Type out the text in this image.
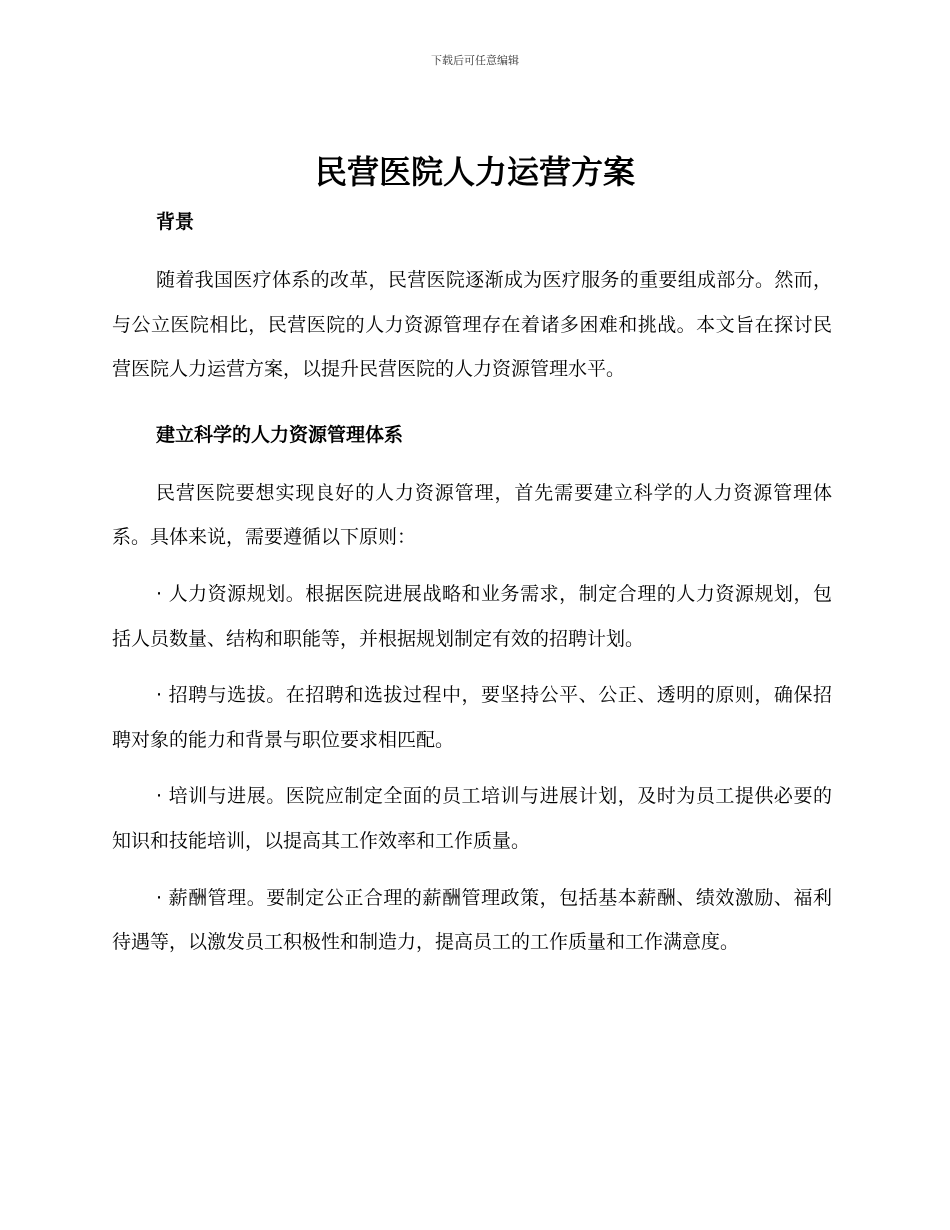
下载后可任意编辑
民营医院人力运营方案
背景

随着我国医疗体系的改革，民营医院逐渐成为医疗服务的重要组成部分。然而，与公立医院相比，民营医院的人力资源管理存在着诸多困难和挑战。本文旨在探讨民营医院人力运营方案，以提升民营医院的人力资源管理水平。

建立科学的人力资源管理体系

民营医院要想实现良好的人力资源管理，首先需要建立科学的人力资源管理体系。具体来说，需要遵循以下原则：

· 人力资源规划。根据医院进展战略和业务需求，制定合理的人力资源规划，包括人员数量、结构和职能等，并根据规划制定有效的招聘计划。

· 招聘与选拔。在招聘和选拔过程中，要坚持公平、公正、透明的原则，确保招聘对象的能力和背景与职位要求相匹配。

· 培训与进展。医院应制定全面的员工培训与进展计划，及时为员工提供必要的知识和技能培训，以提高其工作效率和工作质量。

· 薪酬管理。要制定公正合理的薪酬管理政策，包括基本薪酬、绩效激励、福利待遇等，以激发员工积极性和制造力，提高员工的工作质量和工作满意度。
